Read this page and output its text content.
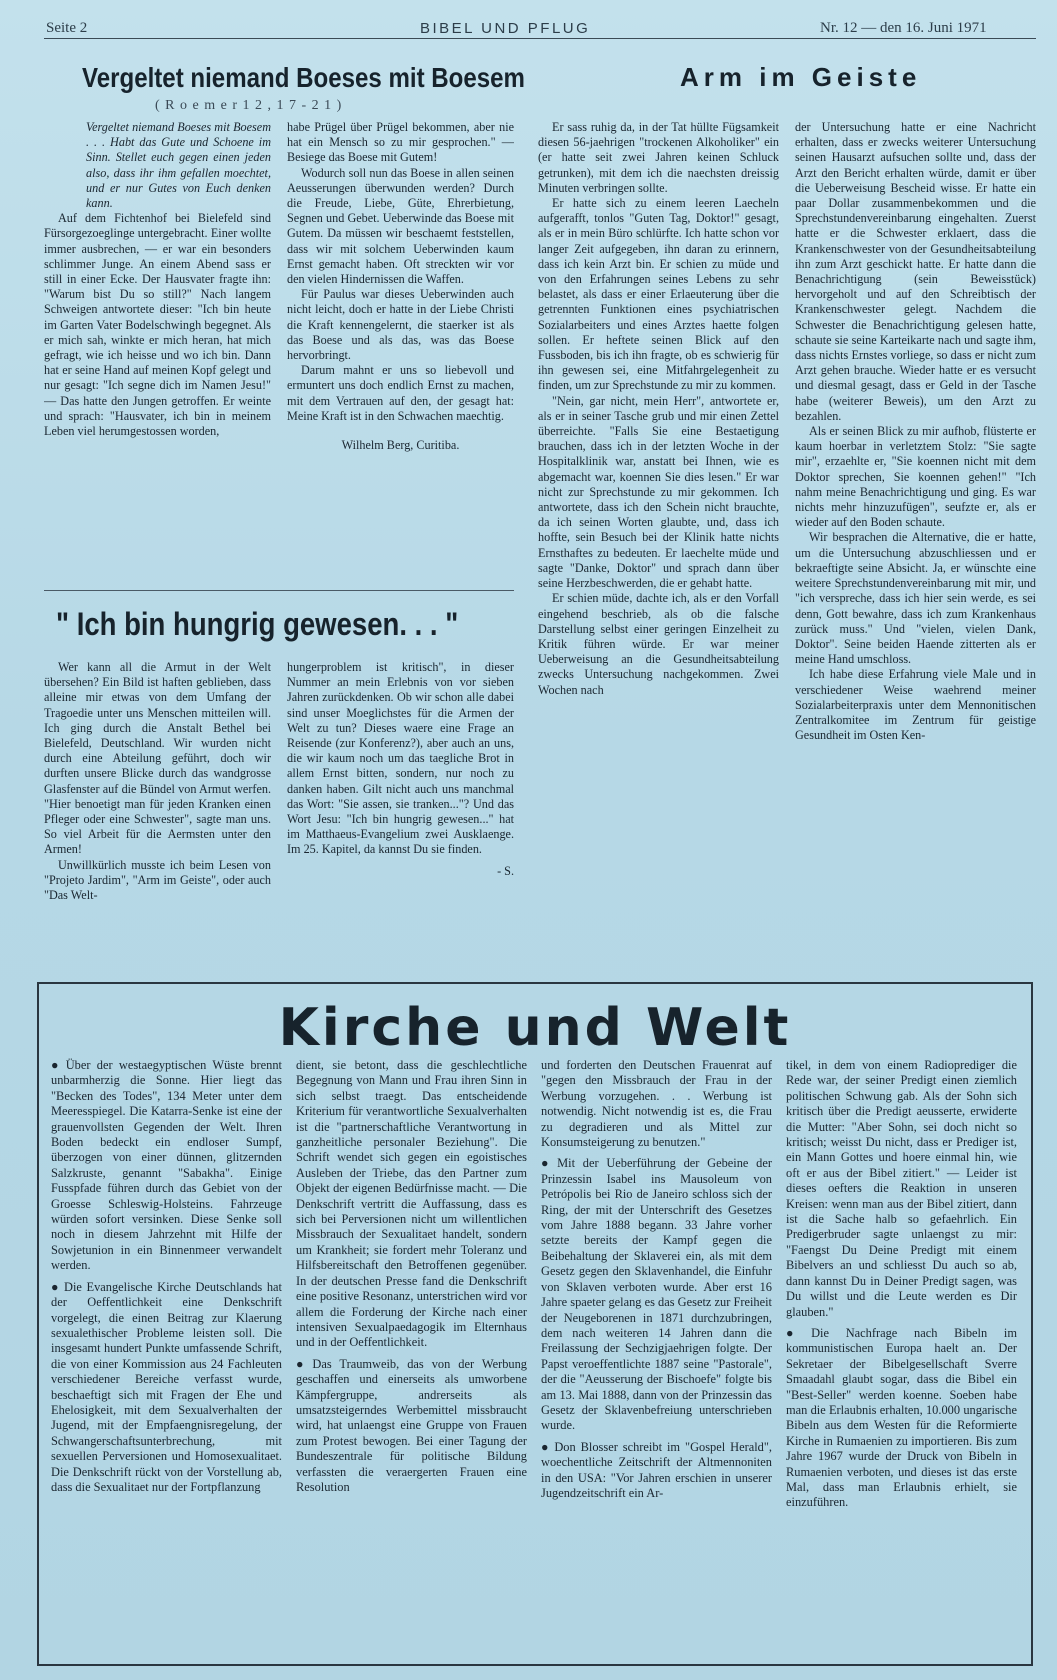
Seite 2	BIBEL UND PFLUG	Nr. 12 — den 16. Juni 1971
Vergeltet niemand Boeses mit Boesem
( R o e m e r 1 2 , 1 7 - 2 1 )

Vergeltet niemand Boeses mit Boesem . . . Habt das Gute und Schoene im Sinn. Stellet euch gegen einen jeden also, dass ihr ihm gefallen moechtet, und er nur Gutes von Euch denken kann.

Auf dem Fichtenhof bei Bielefeld sind Fürsorgezoeglinge untergebracht. Einer wollte immer ausbrechen, — er war ein besonders schlimmer Junge. An einem Abend sass er still in einer Ecke. Der Hausvater fragte ihn: "Warum bist Du so still?" Nach langem Schweigen antwortete dieser: "Ich bin heute im Garten Vater Bodelschwingh begegnet. Als er mich sah, winkte er mich heran, hat mich gefragt, wie ich heisse und wo ich bin. Dann hat er seine Hand auf meinen Kopf gelegt und nur gesagt: "Ich segne dich im Namen Jesu!" — Das hatte den Jungen getroffen. Er weinte und sprach: "Hausvater, ich bin in meinem Leben viel herumgestossen worden,

habe Prügel über Prügel bekommen, aber nie hat ein Mensch so zu mir gesprochen." — Besiege das Boese mit Gutem!

Wodurch soll nun das Boese in allen seinen Aeusserungen überwunden werden? Durch die Freude, Liebe, Güte, Ehrerbietung, Segnen und Gebet. Ueberwinde das Boese mit Gutem. Da müssen wir beschaemt feststellen, dass wir mit solchem Ueberwinden kaum Ernst gemacht haben. Oft streckten wir vor den vielen Hindernissen die Waffen.

Für Paulus war dieses Ueberwinden auch nicht leicht, doch er hatte in der Liebe Christi die Kraft kennengelernt, die staerker ist als das Boese und als das, was das Boese hervorbringt.

Darum mahnt er uns so liebevoll und ermuntert uns doch endlich Ernst zu machen, mit dem Vertrauen auf den, der gesagt hat: Meine Kraft ist in den Schwachen maechtig.

Wilhelm Berg, Curitiba.
" Ich bin hungrig gewesen. . . "

Wer kann all die Armut in der Welt übersehen? Ein Bild ist haften geblieben, dass alleine mir etwas von dem Umfang der Tragoedie unter uns Menschen mitteilen will. Ich ging durch die Anstalt Bethel bei Bielefeld, Deutschland. Wir wurden nicht durch eine Abteilung geführt, doch wir durften unsere Blicke durch das wandgrosse Glasfenster auf die Bündel von Armut werfen. "Hier benoetigt man für jeden Kranken einen Pfleger oder eine Schwester", sagte man uns. So viel Arbeit für die Aermsten unter den Armen!

Unwillkürlich musste ich beim Lesen von "Projeto Jardim", "Arm im Geiste", oder auch "Das Welt-

hungerproblem ist kritisch", in dieser Nummer an mein Erlebnis von vor sieben Jahren zurückdenken. Ob wir schon alle dabei sind unser Moeglichstes für die Armen der Welt zu tun? Dieses waere eine Frage an Reisende (zur Konferenz?), aber auch an uns, die wir kaum noch um das taegliche Brot in allem Ernst bitten, sondern, nur noch zu danken haben. Gilt nicht auch uns manchmal das Wort: "Sie assen, sie tranken..."? Und das Wort Jesu: "Ich bin hungrig gewesen..." hat im Matthaeus-Evangelium zwei Ausklaenge. Im 25. Kapitel, da kannst Du sie finden.

- S.
Arm im Geiste

Er sass ruhig da, in der Tat hüllte Fügsamkeit diesen 56-jaehrigen "trockenen Alkoholiker" ein (er hatte seit zwei Jahren keinen Schluck getrunken), mit dem ich die naechsten dreissig Minuten verbringen sollte.

Er hatte sich zu einem leeren Laecheln aufgerafft, tonlos "Guten Tag, Doktor!" gesagt, als er in mein Büro schlürfte. Ich hatte schon vor langer Zeit aufgegeben, ihn daran zu erinnern, dass ich kein Arzt bin. Er schien zu müde und von den Erfahrungen seines Lebens zu sehr belastet, als dass er einer Erlaeuterung über die getrennten Funktionen eines psychiatrischen Sozialarbeiters und eines Arztes haette folgen sollen. Er heftete seinen Blick auf den Fussboden, bis ich ihn fragte, ob es schwierig für ihn gewesen sei, eine Mitfahrgelegenheit zu finden, um zur Sprechstunde zu mir zu kommen.

"Nein, gar nicht, mein Herr", antwortete er, als er in seiner Tasche grub und mir einen Zettel überreichte. "Falls Sie eine Bestaetigung brauchen, dass ich in der letzten Woche in der Hospitalklinik war, anstatt bei Ihnen, wie es abgemacht war, koennen Sie dies lesen." Er war nicht zur Sprechstunde zu mir gekommen. Ich antwortete, dass ich den Schein nicht brauchte, da ich seinen Worten glaubte, und, dass ich hoffte, sein Besuch bei der Klinik hatte nichts Ernsthaftes zu bedeuten. Er laechelte müde und sagte "Danke, Doktor" und sprach dann über seine Herzbeschwerden, die er gehabt hatte.

Er schien müde, dachte ich, als er den Vorfall eingehend beschrieb, als ob die falsche Darstellung selbst einer geringen Einzelheit zu Kritik führen würde. Er war meiner Ueberweisung an die Gesundheitsabteilung zwecks Untersuchung nachgekommen. Zwei Wochen nach

der Untersuchung hatte er eine Nachricht erhalten, dass er zwecks weiterer Untersuchung seinen Hausarzt aufsuchen sollte und, dass der Arzt den Bericht erhalten würde, damit er über die Ueberweisung Bescheid wisse. Er hatte ein paar Dollar zusammenbekommen und die Sprechstundenvereinbarung eingehalten. Zuerst hatte er die Schwester erklaert, dass die Krankenschwester von der Gesundheitsabteilung ihn zum Arzt geschickt hatte. Er hatte dann die Benachrichtigung (sein Beweisstück) hervorgeholt und auf den Schreibtisch der Krankenschwester gelegt. Nachdem die Schwester die Benachrichtigung gelesen hatte, schaute sie seine Karteikarte nach und sagte ihm, dass nichts Ernstes vorliege, so dass er nicht zum Arzt gehen brauche. Wieder hatte er es versucht und diesmal gesagt, dass er Geld in der Tasche habe (weiterer Beweis), um den Arzt zu bezahlen.

Als er seinen Blick zu mir aufhob, flüsterte er kaum hoerbar in verletztem Stolz: "Sie sagte mir", erzaehlte er, "Sie koennen nicht mit dem Doktor sprechen, Sie koennen gehen!" "Ich nahm meine Benachrichtigung und ging. Es war nichts mehr hinzuzufügen", seufzte er, als er wieder auf den Boden schaute.

Wir besprachen die Alternative, die er hatte, um die Untersuchung abzuschliessen und er bekraeftigte seine Absicht. Ja, er wünschte eine weitere Sprechstundenvereinbarung mit mir, und "ich verspreche, dass ich hier sein werde, es sei denn, Gott bewahre, dass ich zum Krankenhaus zurück muss." Und "vielen, vielen Dank, Doktor". Seine beiden Haende zitterten als er meine Hand umschloss.

Ich habe diese Erfahrung viele Male und in verschiedener Weise waehrend meiner Sozialarbeiterpraxis unter dem Mennonitischen Zentralkomitee im Zentrum für geistige Gesundheit im Osten Ken-

Kirche und Welt

● Über der westaegyptischen Wüste brennt unbarmherzig die Sonne. Hier liegt das "Becken des Todes", 134 Meter unter dem Meeresspiegel. Die Katarra-Senke ist eine der grauenvollsten Gegenden der Welt. Ihren Boden bedeckt ein endloser Sumpf, überzogen von einer dünnen, glitzernden Salzkruste, genannt "Sabakha". Einige Fusspfade führen durch das Gebiet von der Groesse Schleswig-Holsteins. Fahrzeuge würden sofort versinken. Diese Senke soll noch in diesem Jahrzehnt mit Hilfe der Sowjetunion in ein Binnenmeer verwandelt werden.

● Die Evangelische Kirche Deutschlands hat der Oeffentlichkeit eine Denkschrift vorgelegt, die einen Beitrag zur Klaerung sexualethischer Probleme leisten soll. Die insgesamt hundert Punkte umfassende Schrift, die von einer Kommission aus 24 Fachleuten verschiedener Bereiche verfasst wurde, beschaeftigt sich mit Fragen der Ehe und Ehelosigkeit, mit dem Sexualverhalten der Jugend, mit der Empfaengnisregelung, der Schwangerschaftsunterbrechung, mit sexuellen Perversionen und Homosexualitaet. Die Denkschrift rückt von der Vorstellung ab, dass die Sexualitaet nur der Fortpflanzung

dient, sie betont, dass die geschlechtliche Begegnung von Mann und Frau ihren Sinn in sich selbst traegt. Das entscheidende Kriterium für verantwortliche Sexualverhalten ist die "partnerschaftliche Verantwortung in ganzheitliche personaler Beziehung". Die Schrift wendet sich gegen ein egoistisches Ausleben der Triebe, das den Partner zum Objekt der eigenen Bedürfnisse macht. — Die Denkschrift vertritt die Auffassung, dass es sich bei Perversionen nicht um willentlichen Missbrauch der Sexualitaet handelt, sondern um Krankheit; sie fordert mehr Toleranz und Hilfsbereitschaft den Betroffenen gegenüber. In der deutschen Presse fand die Denkschrift eine positive Resonanz, unterstrichen wird vor allem die Forderung der Kirche nach einer intensiven Sexualpaedagogik im Elternhaus und in der Oeffentlichkeit.

● Das Traumweib, das von der Werbung geschaffen und einerseits als umworbene Kämpfergruppe, andrerseits als umsatzsteigerndes Werbemittel missbraucht wird, hat unlaengst eine Gruppe von Frauen zum Protest bewogen. Bei einer Tagung der Bundeszentrale für politische Bildung verfassten die veraergerten Frauen eine Resolution

und forderten den Deutschen Frauenrat auf "gegen den Missbrauch der Frau in der Werbung vorzugehen. . . Werbung ist notwendig. Nicht notwendig ist es, die Frau zu degradieren und als Mittel zur Konsumsteigerung zu benutzen."

● Mit der Ueberführung der Gebeine der Prinzessin Isabel ins Mausoleum von Petrópolis bei Rio de Janeiro schloss sich der Ring, der mit der Unterschrift des Gesetzes vom Jahre 1888 begann. 33 Jahre vorher setzte bereits der Kampf gegen die Beibehaltung der Sklaverei ein, als mit dem Gesetz gegen den Sklavenhandel, die Einfuhr von Sklaven verboten wurde. Aber erst 16 Jahre spaeter gelang es das Gesetz zur Freiheit der Neugeborenen in 1871 durchzubringen, dem nach weiteren 14 Jahren dann die Freilassung der Sechzigjaehrigen folgte. Der Papst veroeffentlichte 1887 seine "Pastorale", der die "Aeusserung der Bischoefe" folgte bis am 13. Mai 1888, dann von der Prinzessin das Gesetz der Sklavenbefreiung unterschrieben wurde.

● Don Blosser schreibt im "Gospel Herald", woechentliche Zeitschrift der Altmennoniten in den USA: "Vor Jahren erschien in unserer Jugendzeitschrift ein Ar-

tikel, in dem von einem Radioprediger die Rede war, der seiner Predigt einen ziemlich politischen Schwung gab. Als der Sohn sich kritisch über die Predigt aeusserte, erwiderte die Mutter: "Aber Sohn, sei doch nicht so kritisch; weisst Du nicht, dass er Prediger ist, ein Mann Gottes und hoere einmal hin, wie oft er aus der Bibel zitiert." — Leider ist dieses oefters die Reaktion in unseren Kreisen: wenn man aus der Bibel zitiert, dann ist die Sache halb so gefaehrlich. Ein Predigerbruder sagte unlaengst zu mir: "Faengst Du Deine Predigt mit einem Bibelvers an und schliesst Du auch so ab, dann kannst Du in Deiner Predigt sagen, was Du willst und die Leute werden es Dir glauben."

● Die Nachfrage nach Bibeln im kommunistischen Europa haelt an. Der Sekretaer der Bibelgesellschaft Sverre Smaadahl glaubt sogar, dass die Bibel ein "Best-Seller" werden koenne. Soeben habe man die Erlaubnis erhalten, 10.000 ungarische Bibeln aus dem Westen für die Reformierte Kirche in Rumaenien zu importieren. Bis zum Jahre 1967 wurde der Druck von Bibeln in Rumaenien verboten, und dieses ist das erste Mal, dass man Erlaubnis erhielt, sie einzuführen.
